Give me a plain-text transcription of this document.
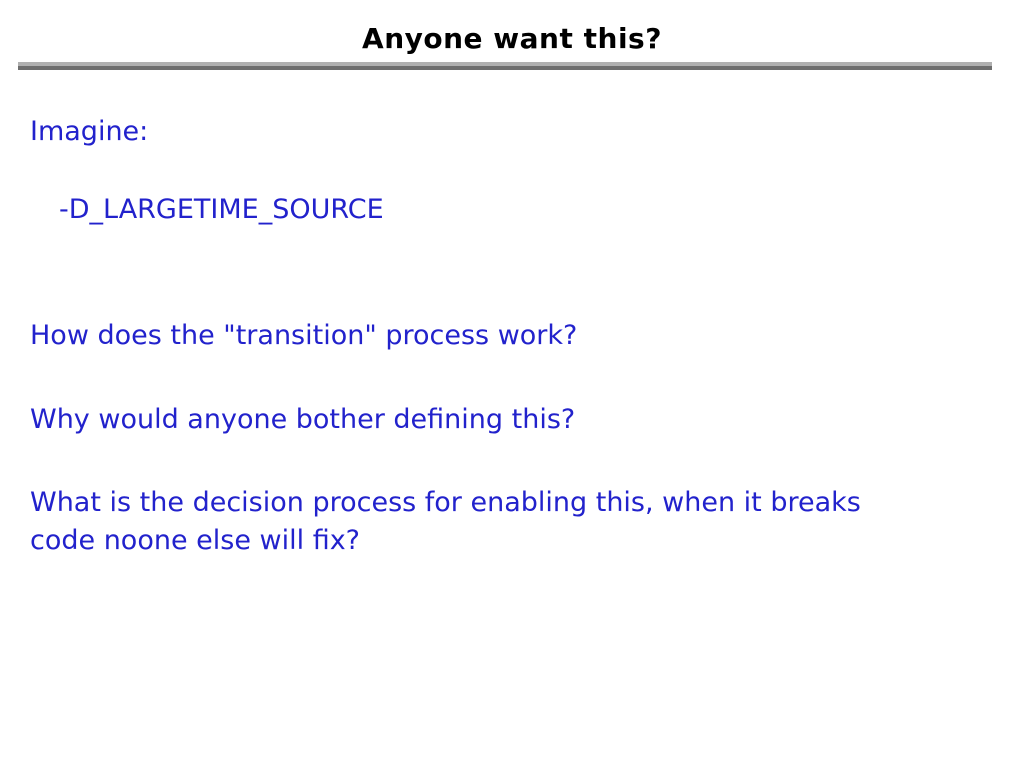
Anyone want this?
Imagine:
-D_LARGETIME_SOURCE
How does the "transition" process work?
Why would anyone bother defining this?
What is the decision process for enabling this, when it breaks
code noone else will fix?
